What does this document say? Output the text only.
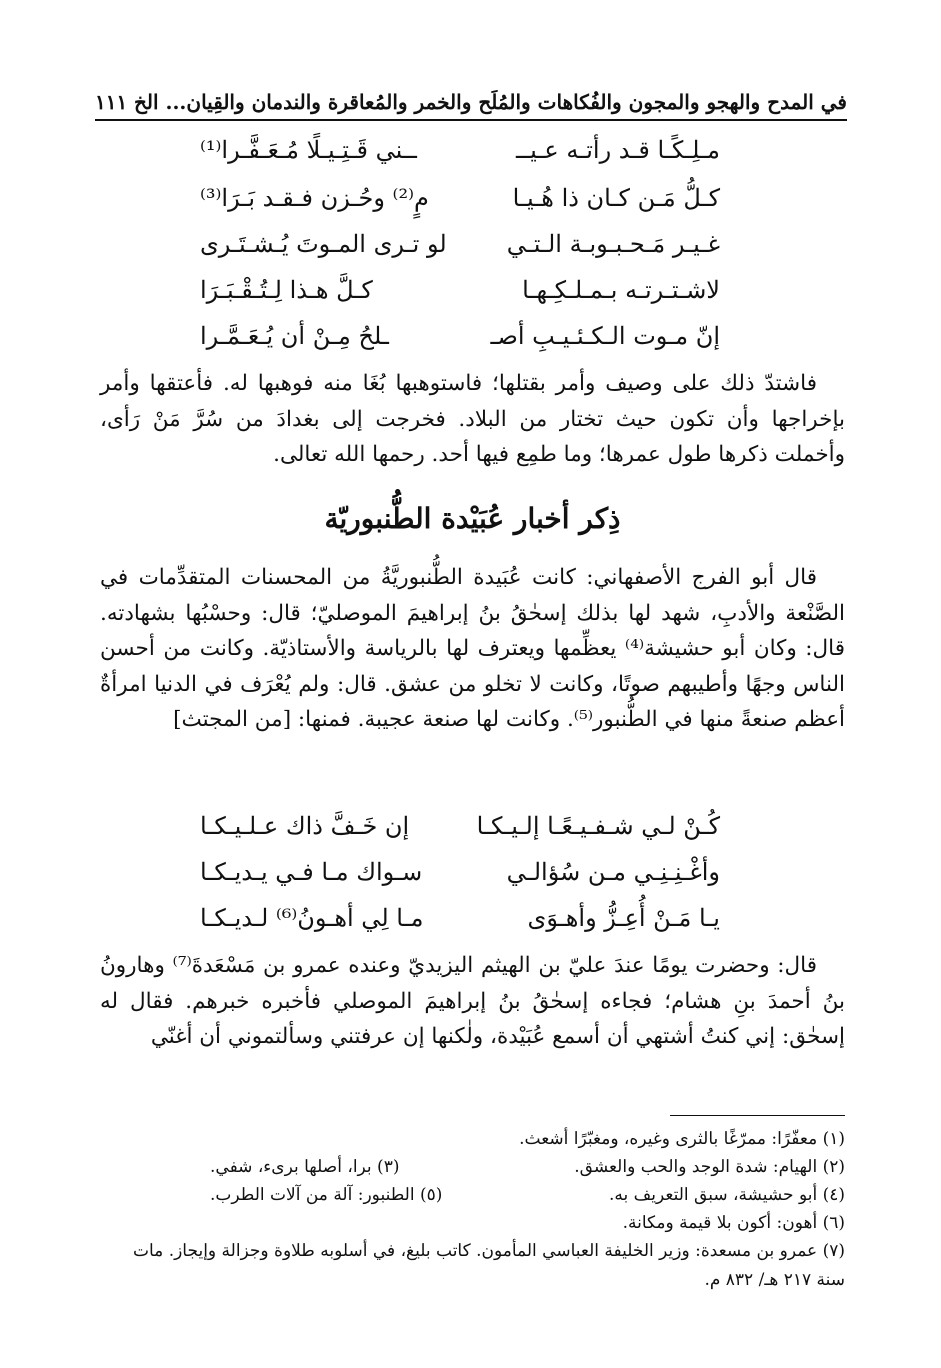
في المدح والهجو والمجون والفُكاهات والمُلَح والخمر والمُعاقرة والندمان والقِيان... الخ
١١١
مـلِـكًـا قـد رأتـه عـيــ
ــني قَـتِـيـلًا مُـعَـفَّـرا⁽¹⁾
كـلُّ مَـن كـان ذا هُـيـا
مٍ⁽²⁾ وحُـزن فـقـد بَـرَا⁽³⁾
غـيـر مَـحـبـوبـة الـتـي
لو تـرى المـوتَ يُـشـتَـرى
لاشـتـرتـه بـمـلـكِـهـا
كـلَّ هـذا لِـتُـقْـبَـرَا
إنّ مـوت الـكـئـيـبِ أصـ
ـلحُ مِـنْ أن يُـعَـمَّـرا

فاشتدّ ذلك على وصيف وأمر بقتلها؛ فاستوهبها بُغَا منه فوهبها له. فأعتقها وأمر بإخراجها وأن تكون حيث تختار من البلاد. فخرجت إلى بغدادَ من سُرَّ مَنْ رَأى، وأخملت ذكرها طول عمرها؛ وما طمِع فيها أحد. رحمها الله تعالى.

ذِكر أخبار عُبَيْدة الطُّنبوريّة

قال أبو الفرج الأصفهاني: كانت عُبَيدة الطُّنبوريَّةُ من المحسنات المتقدِّمات في الصَّنْعة والأدبِ، شهد لها بذلك إسحٰقُ بنُ إبراهيمَ الموصليّ؛ قال: وحسْبُها بشهادته. قال: وكان أبو حشيشة⁽⁴⁾ يعظِّمها ويعترف لها بالرياسة والأستاذيّة. وكانت من أحسن الناس وجهًا وأطيبهم صوتًا، وكانت لا تخلو من عشق. قال: ولم يُعْرَف في الدنيا امرأةٌ أعظم صنعةً منها في الطُّنبور⁽⁵⁾. وكانت لها صنعة عجيبة. فمنها: [من المجتث]

كُـنْ لـي شـفـيـعًـا إلـيـكـا
إن خَـفَّ ذاك عـلـيـكـا
وأغْـنِـنِـي مـن سُؤالـي
سـواك مـا فـي يـديـكـا
يـا مَـنْ أُعِـزُّ وأهـوَى
مـا لِي أهـونُ⁽⁶⁾ لـديـكـا

قال: وحضرت يومًا عندَ عليّ بن الهيثم اليزيديّ وعنده عمرو بن مَسْعَدةَ⁽⁷⁾ وهارونُ بنُ أحمدَ بنِ هشام؛ فجاءه إسحٰقُ بنُ إبراهيمَ الموصلي فأخبره خبرهم. فقال له إسحٰق: إني كنتُ أشتهي أن أسمع عُبَيْدة، ولٰكنها إن عرفتني وسألتموني أن أغنّي

(١) معفّرًا: ممرّغًا بالثرى وغيره، ومغبّرًا أشعث.
(٢) الهيام: شدة الوجد والحب والعشق.
(٣) برا، أصلها برىء، شفي.
(٤) أبو حشيشة، سبق التعريف به.
(٥) الطنبور: آلة من آلات الطرب.
(٦) أهون: أكون بلا قيمة ومكانة.
(٧) عمرو بن مسعدة: وزير الخليفة العباسي المأمون. كاتب بليغ، في أسلوبه طلاوة وجزالة وإيجاز. مات سنة ٢١٧ هـ/ ٨٣٢ م.
